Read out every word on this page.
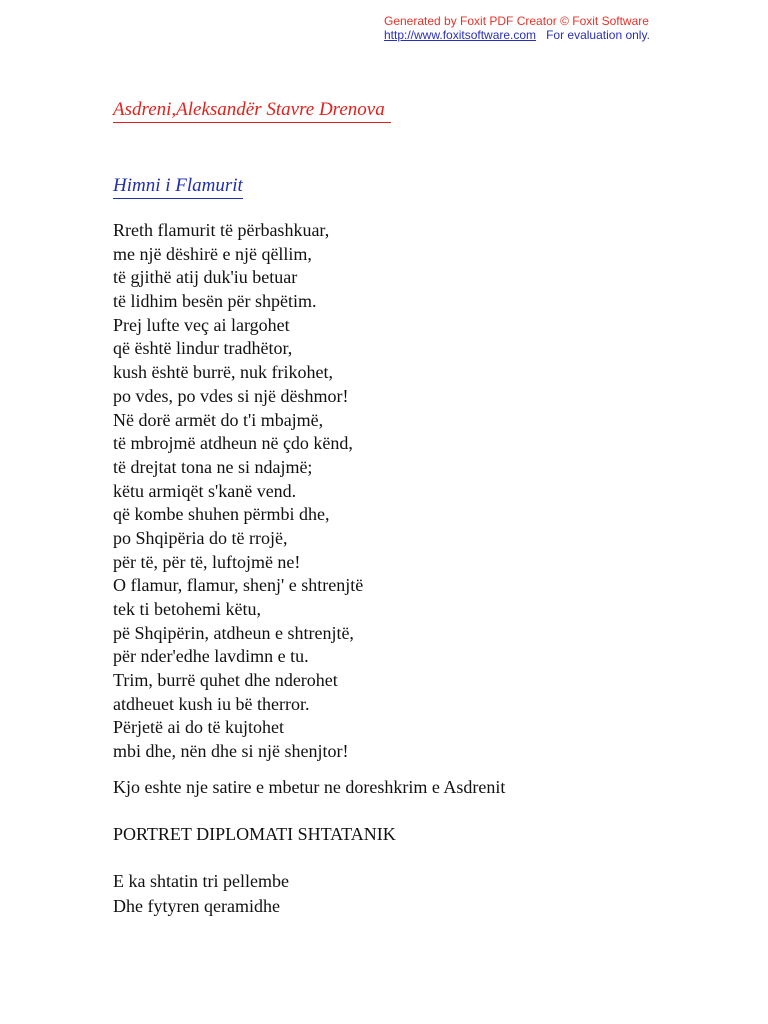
Generated by Foxit PDF Creator © Foxit Software
http://www.foxitsoftware.com For evaluation only.
Asdreni,Aleksandër Stavre Drenova
Himni i Flamurit
Rreth flamurit të përbashkuar,
me një dëshirë e një qëllim,
të gjithë atij duk'iu betuar
të lidhim besën për shpëtim.
Prej lufte veç ai largohet
që është lindur tradhëtor,
kush është burrë, nuk frikohet,
po vdes, po vdes si një dëshmor!
Në dorë armët do t'i mbajmë,
të mbrojmë atdheun në çdo kënd,
të drejtat tona ne si ndajmë;
këtu armiqët s'kanë vend.
që kombe shuhen përmbi dhe,
po Shqipëria do të rrojë,
për të, për të, luftojmë ne!
O flamur, flamur, shenj' e shtrenjtë
tek ti betohemi këtu,
pë Shqipërin, atdheun e shtrenjtë,
për nder'edhe lavdimn e tu.
Trim, burrë quhet dhe nderohet
atdheuet kush iu bë therror.
Përjetë ai do të kujtohet
mbi dhe, nën dhe si një shenjtor!
Kjo eshte nje satire e mbetur ne doreshkrim e Asdrenit
PORTRET DIPLOMATI SHTATANIK
E ka shtatin tri pellembe
Dhe fytyren qeramidhe
